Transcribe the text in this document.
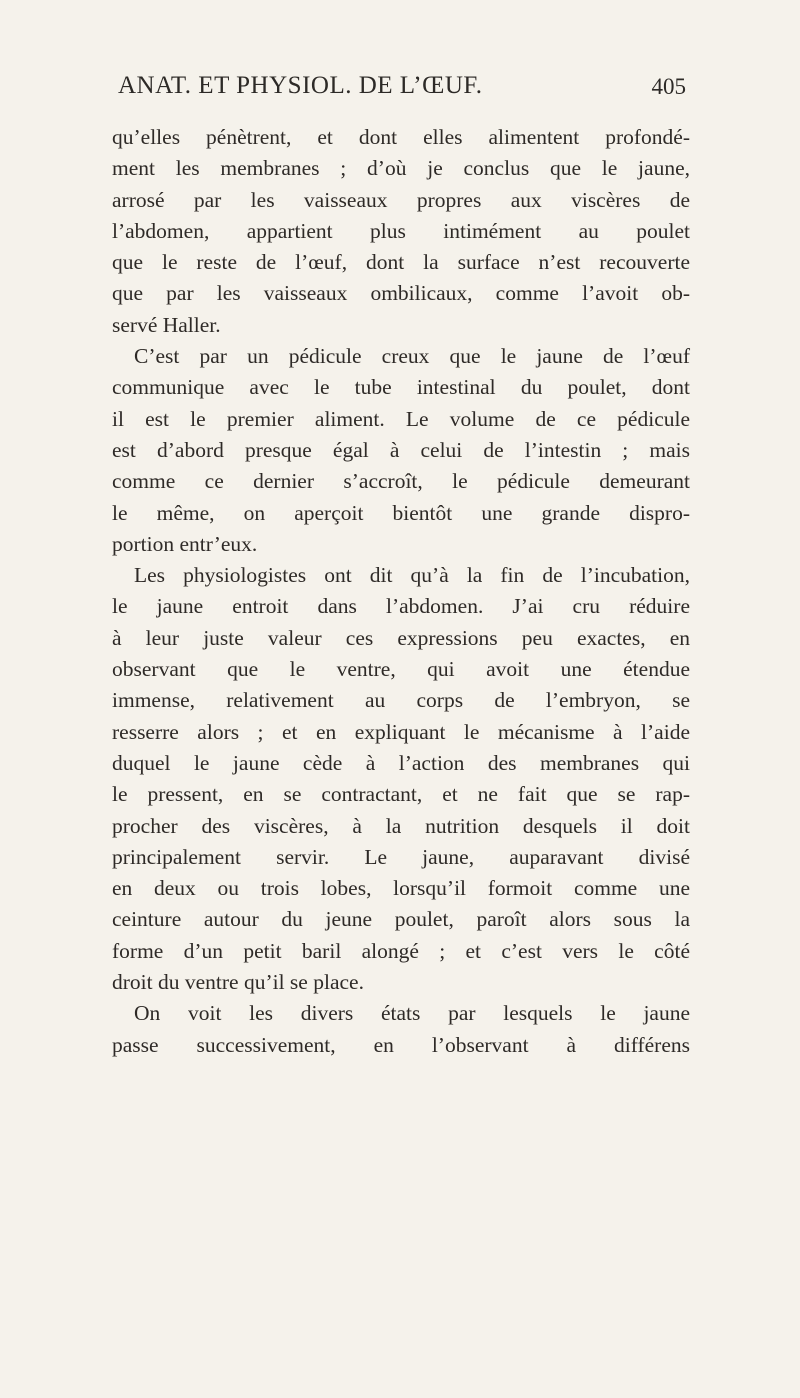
ANAT. ET PHYSIOL. DE L’ŒUF.	405
qu’elles pénètrent, et dont elles alimentent profondé-
ment les membranes ; d’où je conclus que le jaune,
arrosé par les vaisseaux propres aux viscères de
l’abdomen, appartient plus intimément au poulet
que le reste de l’œuf, dont la surface n’est recouverte
que par les vaisseaux ombilicaux, comme l’avoit ob-
servé Haller.
C’est par un pédicule creux que le jaune de l’œuf
communique avec le tube intestinal du poulet, dont
il est le premier aliment. Le volume de ce pédicule
est d’abord presque égal à celui de l’intestin ; mais
comme ce dernier s’accroît, le pédicule demeurant
le même, on aperçoit bientôt une grande dispro-
portion entr’eux.
Les physiologistes ont dit qu’à la fin de l’incubation,
le jaune entroit dans l’abdomen. J’ai cru réduire
à leur juste valeur ces expressions peu exactes, en
observant que le ventre, qui avoit une étendue
immense, relativement au corps de l’embryon, se
resserre alors ; et en expliquant le mécanisme à l’aide
duquel le jaune cède à l’action des membranes qui
le pressent, en se contractant, et ne fait que se rap-
procher des viscères, à la nutrition desquels il doit
principalement servir. Le jaune, auparavant divisé
en deux ou trois lobes, lorsqu’il formoit comme une
ceinture autour du jeune poulet, paroît alors sous la
forme d’un petit baril alongé ; et c’est vers le côté
droit du ventre qu’il se place.
On voit les divers états par lesquels le jaune
passe successivement, en l’observant à différens
